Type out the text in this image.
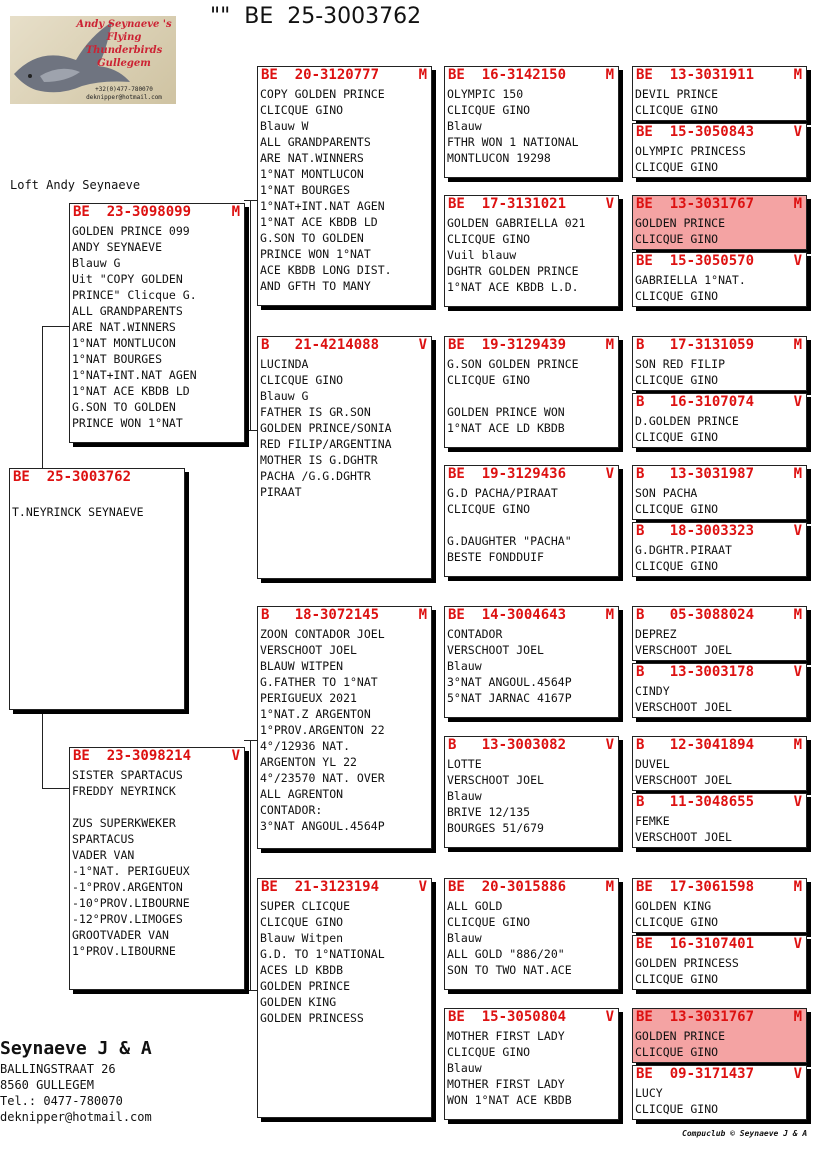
""  BE  25-3003762
Andy Seynaeve 's
Flying Thunderbirds
Gullegem
+32(0)477-780070
deknipper@hotmail.com
Loft Andy Seynaeve
BE  25-3003762

T.NEYRINCK SEYNAEVE
BE  23-3098099	M
GOLDEN PRINCE 099
ANDY SEYNAEVE
Blauw G
Uit "COPY GOLDEN
PRINCE" Clicque G.
ALL GRANDPARENTS
ARE NAT.WINNERS
1°NAT MONTLUCON
1°NAT BOURGES
1°NAT+INT.NAT AGEN
1°NAT ACE KBDB LD
G.SON TO GOLDEN
PRINCE WON 1°NAT
BE  23-3098214	V
SISTER SPARTACUS
FREDDY NEYRINCK

ZUS SUPERKWEKER
SPARTACUS
VADER VAN
-1°NAT. PERIGUEUX
-1°PROV.ARGENTON
-10°PROV.LIBOURNE
-12°PROV.LIMOGES
GROOTVADER VAN
1°PROV.LIBOURNE
BE  20-3120777	M
COPY GOLDEN PRINCE
CLICQUE GINO
Blauw W
ALL GRANDPARENTS
ARE NAT.WINNERS
1°NAT MONTLUCON
1°NAT BOURGES
1°NAT+INT.NAT AGEN
1°NAT ACE KBDB LD
G.SON TO GOLDEN
PRINCE WON 1°NAT
ACE KBDB LONG DIST.
AND GFTH TO MANY
B   21-4214088	V
LUCINDA
CLICQUE GINO
Blauw G
FATHER IS GR.SON
GOLDEN PRINCE/SONIA
RED FILIP/ARGENTINA
MOTHER IS G.DGHTR
PACHA /G.G.DGHTR
PIRAAT
B   18-3072145	M
ZOON CONTADOR JOEL
VERSCHOOT JOEL
BLAUW WITPEN
G.FATHER TO 1°NAT
PERIGUEUX 2021
1°NAT.Z ARGENTON
1°PROV.ARGENTON 22
4°/12936 NAT.
ARGENTON YL 22
4°/23570 NAT. OVER
ALL AGRENTON
CONTADOR:
3°NAT ANGOUL.4564P
BE  21-3123194	V
SUPER CLICQUE
CLICQUE GINO
Blauw Witpen
G.D. TO 1°NATIONAL
ACES LD KBDB
GOLDEN PRINCE
GOLDEN KING
GOLDEN PRINCESS
BE  16-3142150	M
OLYMPIC 150
CLICQUE GINO
Blauw
FTHR WON 1 NATIONAL
MONTLUCON 19298
BE  17-3131021	V
GOLDEN GABRIELLA 021
CLICQUE GINO
Vuil blauw
DGHTR GOLDEN PRINCE
1°NAT ACE KBDB L.D.
BE  19-3129439	M
G.SON GOLDEN PRINCE
CLICQUE GINO

GOLDEN PRINCE WON
1°NAT ACE LD KBDB
BE  19-3129436	V
G.D PACHA/PIRAAT
CLICQUE GINO

G.DAUGHTER "PACHA"
BESTE FONDDUIF
BE  14-3004643	M
CONTADOR
VERSCHOOT JOEL
Blauw
3°NAT ANGOUL.4564P
5°NAT JARNAC 4167P
B   13-3003082	V
LOTTE
VERSCHOOT JOEL
Blauw
BRIVE 12/135
BOURGES 51/679
BE  20-3015886	M
ALL GOLD
CLICQUE GINO
Blauw
ALL GOLD "886/20"
SON TO TWO NAT.ACE
BE  15-3050804	V
MOTHER FIRST LADY
CLICQUE GINO
Blauw
MOTHER FIRST LADY
WON 1°NAT ACE KBDB
BE  13-3031911	M
DEVIL PRINCE
CLICQUE GINO
BE  15-3050843	V
OLYMPIC PRINCESS
CLICQUE GINO
BE  13-3031767	M
GOLDEN PRINCE
CLICQUE GINO
BE  15-3050570	V
GABRIELLA 1°NAT.
CLICQUE GINO
B   17-3131059	M
SON RED FILIP
CLICQUE GINO
B   16-3107074	V
D.GOLDEN PRINCE
CLICQUE GINO
B   13-3031987	M
SON PACHA
CLICQUE GINO
B   18-3003323	V
G.DGHTR.PIRAAT
CLICQUE GINO
B   05-3088024	M
DEPREZ
VERSCHOOT JOEL
B   13-3003178	V
CINDY
VERSCHOOT JOEL
B   12-3041894	M
DUVEL
VERSCHOOT JOEL
B   11-3048655	V
FEMKE
VERSCHOOT JOEL
BE  17-3061598	M
GOLDEN KING
CLICQUE GINO
BE  16-3107401	V
GOLDEN PRINCESS
CLICQUE GINO
BE  13-3031767	M
GOLDEN PRINCE
CLICQUE GINO
BE  09-3171437	V
LUCY
CLICQUE GINO
Seynaeve J & A
BALLINGSTRAAT 26
8560 GULLEGEM
Tel.: 0477-780070
deknipper@hotmail.com
Compuclub © Seynaeve J & A
